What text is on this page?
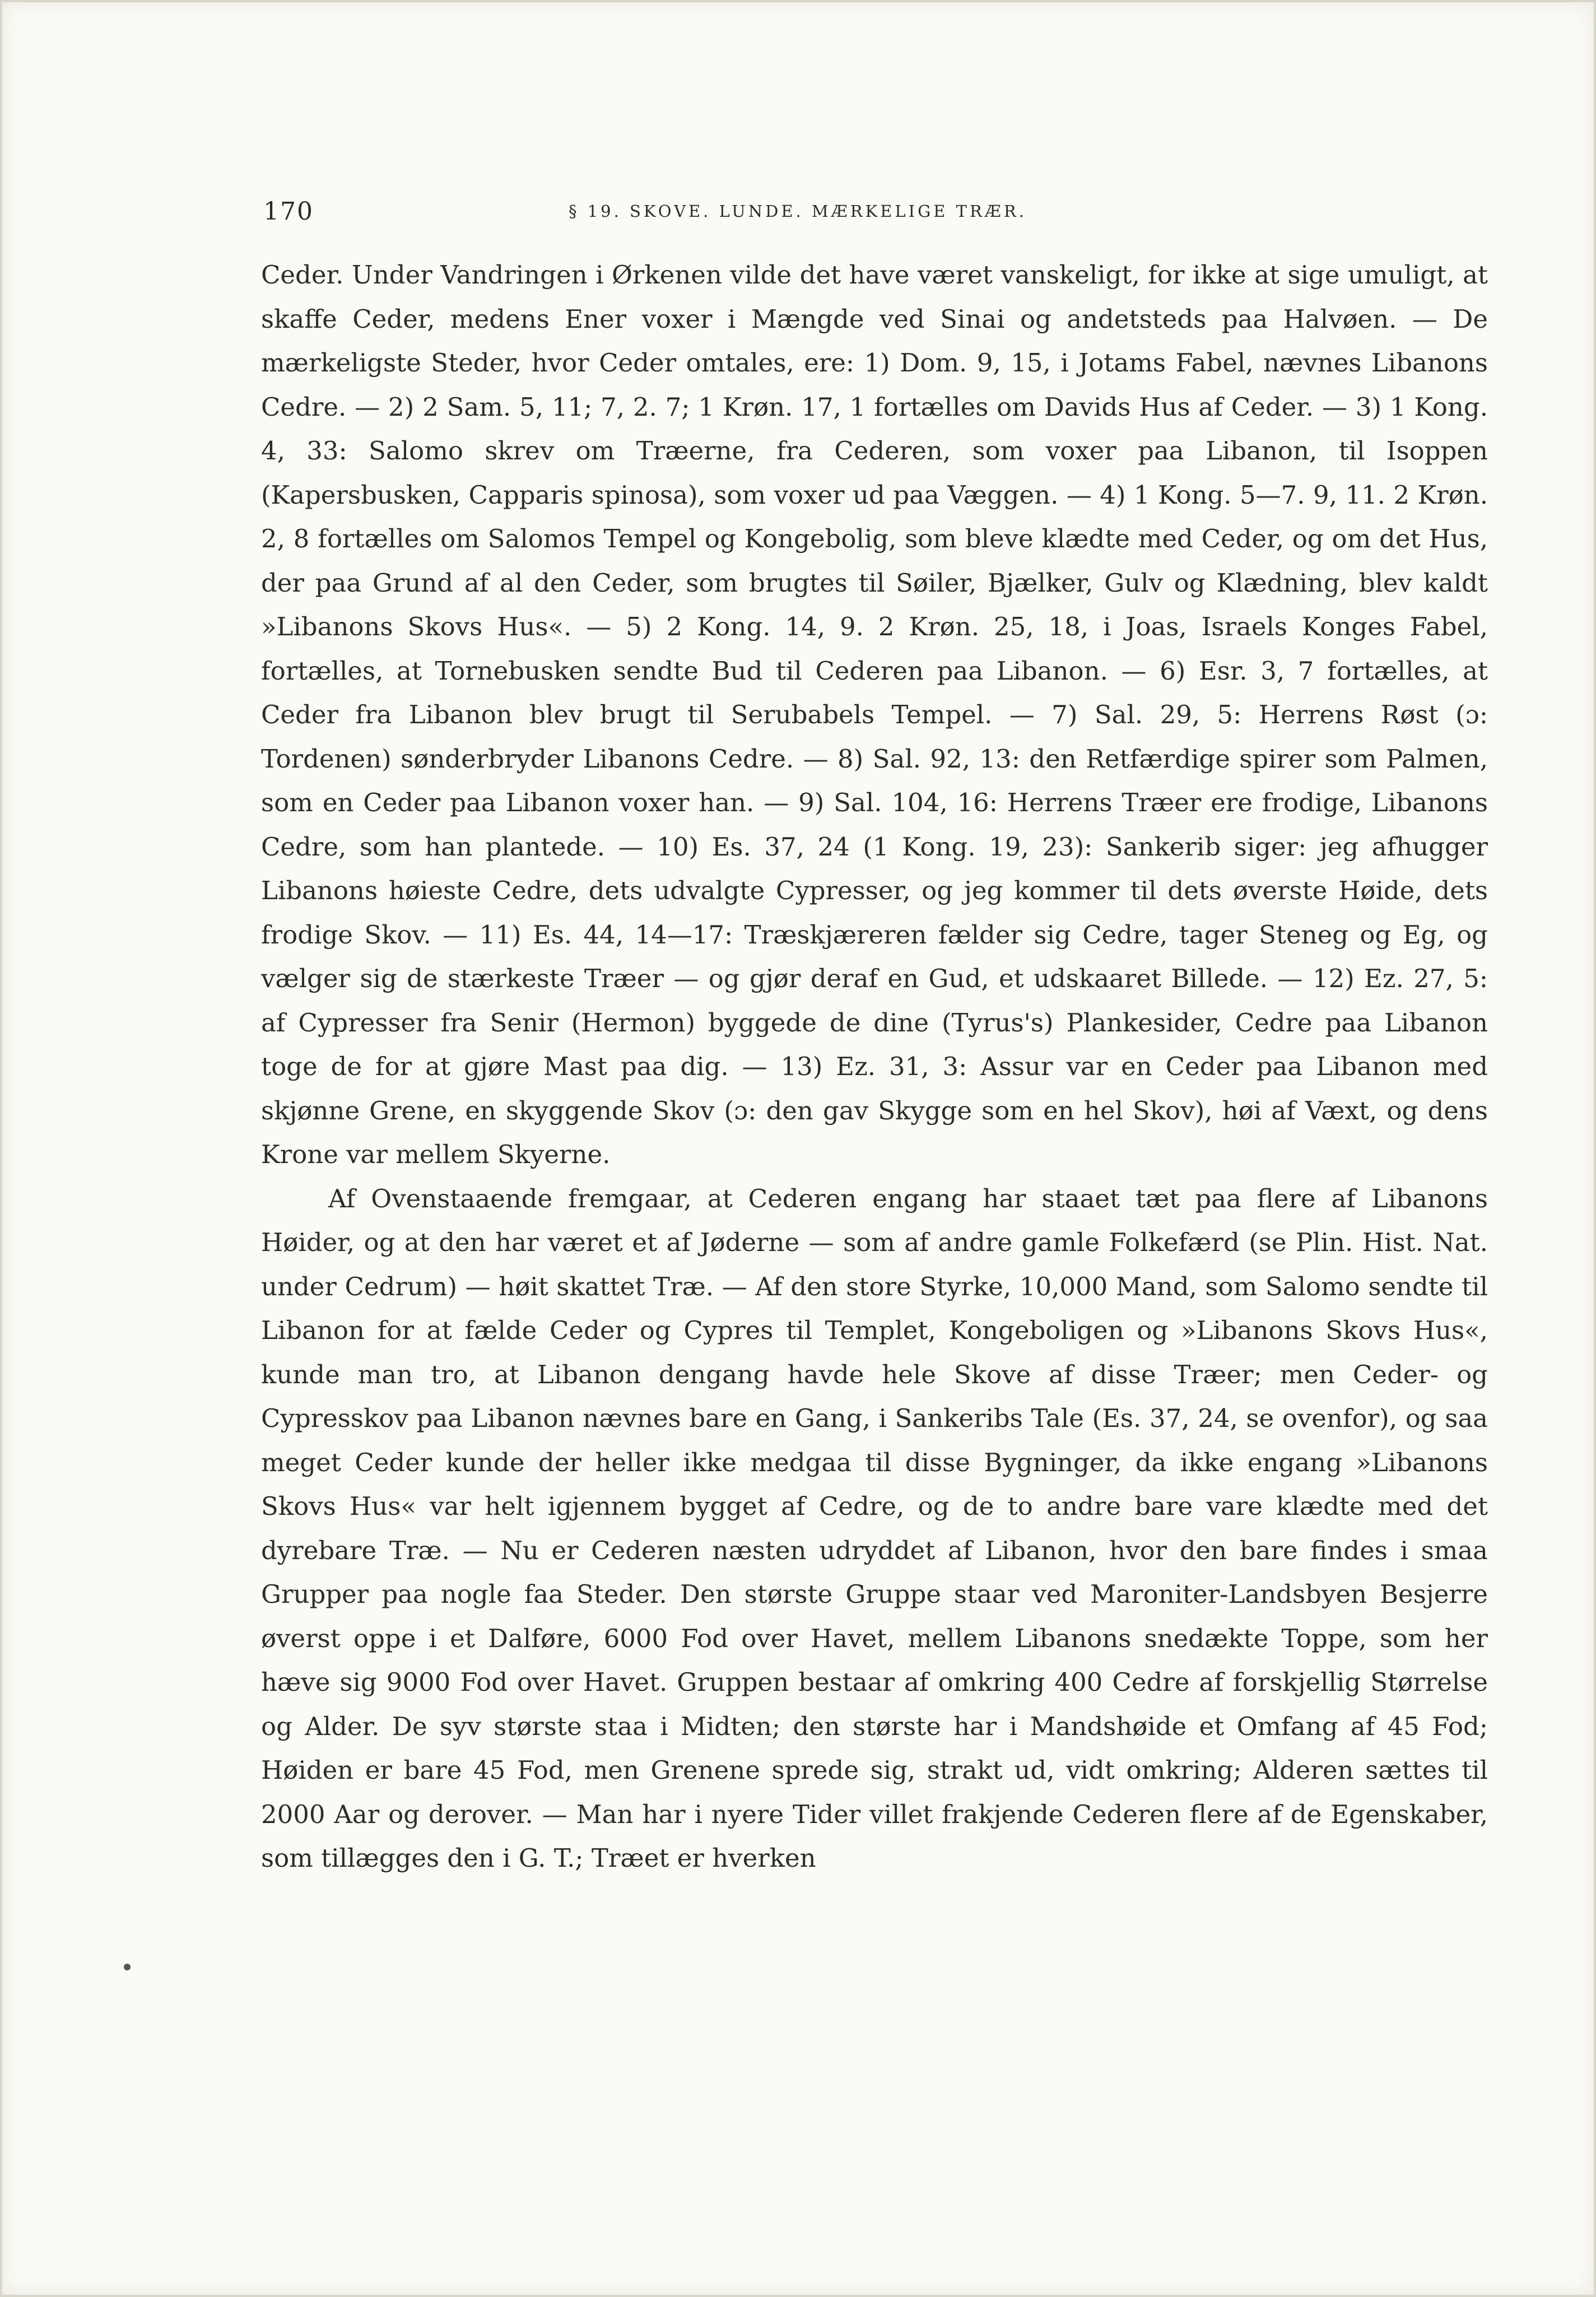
170	§ 19. SKOVE. LUNDE. MÆRKELIGE TRÆR.

Ceder. Under Vandringen i Ørkenen vilde det have været vanskeligt, for ikke at sige umuligt, at skaffe Ceder, medens Ener voxer i Mængde ved Sinai og andetsteds paa Halvøen. — De mærkeligste Steder, hvor Ceder omtales, ere: 1) Dom. 9, 15, i Jotams Fabel, nævnes Libanons Cedre. — 2) 2 Sam. 5, 11; 7, 2. 7; 1 Krøn. 17, 1 fortælles om Davids Hus af Ceder. — 3) 1 Kong. 4, 33: Salomo skrev om Træerne, fra Cederen, som voxer paa Libanon, til Isoppen (Kapersbusken, Capparis spinosa), som voxer ud paa Væggen. — 4) 1 Kong. 5—7. 9, 11. 2 Krøn. 2, 8 fortælles om Salomos Tempel og Kongebolig, som bleve klædte med Ceder, og om det Hus, der paa Grund af al den Ceder, som brugtes til Søiler, Bjælker, Gulv og Klædning, blev kaldt »Libanons Skovs Hus«. — 5) 2 Kong. 14, 9. 2 Krøn. 25, 18, i Joas, Israels Konges Fabel, fortælles, at Tornebusken sendte Bud til Cederen paa Libanon. — 6) Esr. 3, 7 fortælles, at Ceder fra Libanon blev brugt til Serubabels Tempel. — 7) Sal. 29, 5: Herrens Røst (ɔ: Tordenen) sønderbryder Libanons Cedre. — 8) Sal. 92, 13: den Retfærdige spirer som Palmen, som en Ceder paa Libanon voxer han. — 9) Sal. 104, 16: Herrens Træer ere frodige, Libanons Cedre, som han plantede. — 10) Es. 37, 24 (1 Kong. 19, 23): Sankerib siger: jeg afhugger Libanons høieste Cedre, dets udvalgte Cypresser, og jeg kommer til dets øverste Høide, dets frodige Skov. — 11) Es. 44, 14—17: Træskjæreren fælder sig Cedre, tager Steneg og Eg, og vælger sig de stærkeste Træer — og gjør deraf en Gud, et udskaaret Billede. — 12) Ez. 27, 5: af Cypresser fra Senir (Hermon) byggede de dine (Tyrus's) Plankesider, Cedre paa Libanon toge de for at gjøre Mast paa dig. — 13) Ez. 31, 3: Assur var en Ceder paa Libanon med skjønne Grene, en skyggende Skov (ɔ: den gav Skygge som en hel Skov), høi af Væxt, og dens Krone var mellem Skyerne.

Af Ovenstaaende fremgaar, at Cederen engang har staaet tæt paa flere af Libanons Høider, og at den har været et af Jøderne — som af andre gamle Folkefærd (se Plin. Hist. Nat. under Cedrum) — høit skattet Træ. — Af den store Styrke, 10,000 Mand, som Salomo sendte til Libanon for at fælde Ceder og Cypres til Templet, Kongeboligen og »Libanons Skovs Hus«, kunde man tro, at Libanon dengang havde hele Skove af disse Træer; men Ceder- og Cypresskov paa Libanon nævnes bare en Gang, i Sankeribs Tale (Es. 37, 24, se ovenfor), og saa meget Ceder kunde der heller ikke medgaa til disse Bygninger, da ikke engang »Libanons Skovs Hus« var helt igjennem bygget af Cedre, og de to andre bare vare klædte med det dyrebare Træ. — Nu er Cederen næsten udryddet af Libanon, hvor den bare findes i smaa Grupper paa nogle faa Steder. Den største Gruppe staar ved Maroniter-Landsbyen Besjerre øverst oppe i et Dalføre, 6000 Fod over Havet, mellem Libanons snedækte Toppe, som her hæve sig 9000 Fod over Havet. Gruppen bestaar af omkring 400 Cedre af forskjellig Størrelse og Alder. De syv største staa i Midten; den største har i Mandshøide et Omfang af 45 Fod; Høiden er bare 45 Fod, men Grenene sprede sig, strakt ud, vidt omkring; Alderen sættes til 2000 Aar og derover. — Man har i nyere Tider villet frakjende Cederen flere af de Egenskaber, som tillægges den i G. T.; Træet er hverken
